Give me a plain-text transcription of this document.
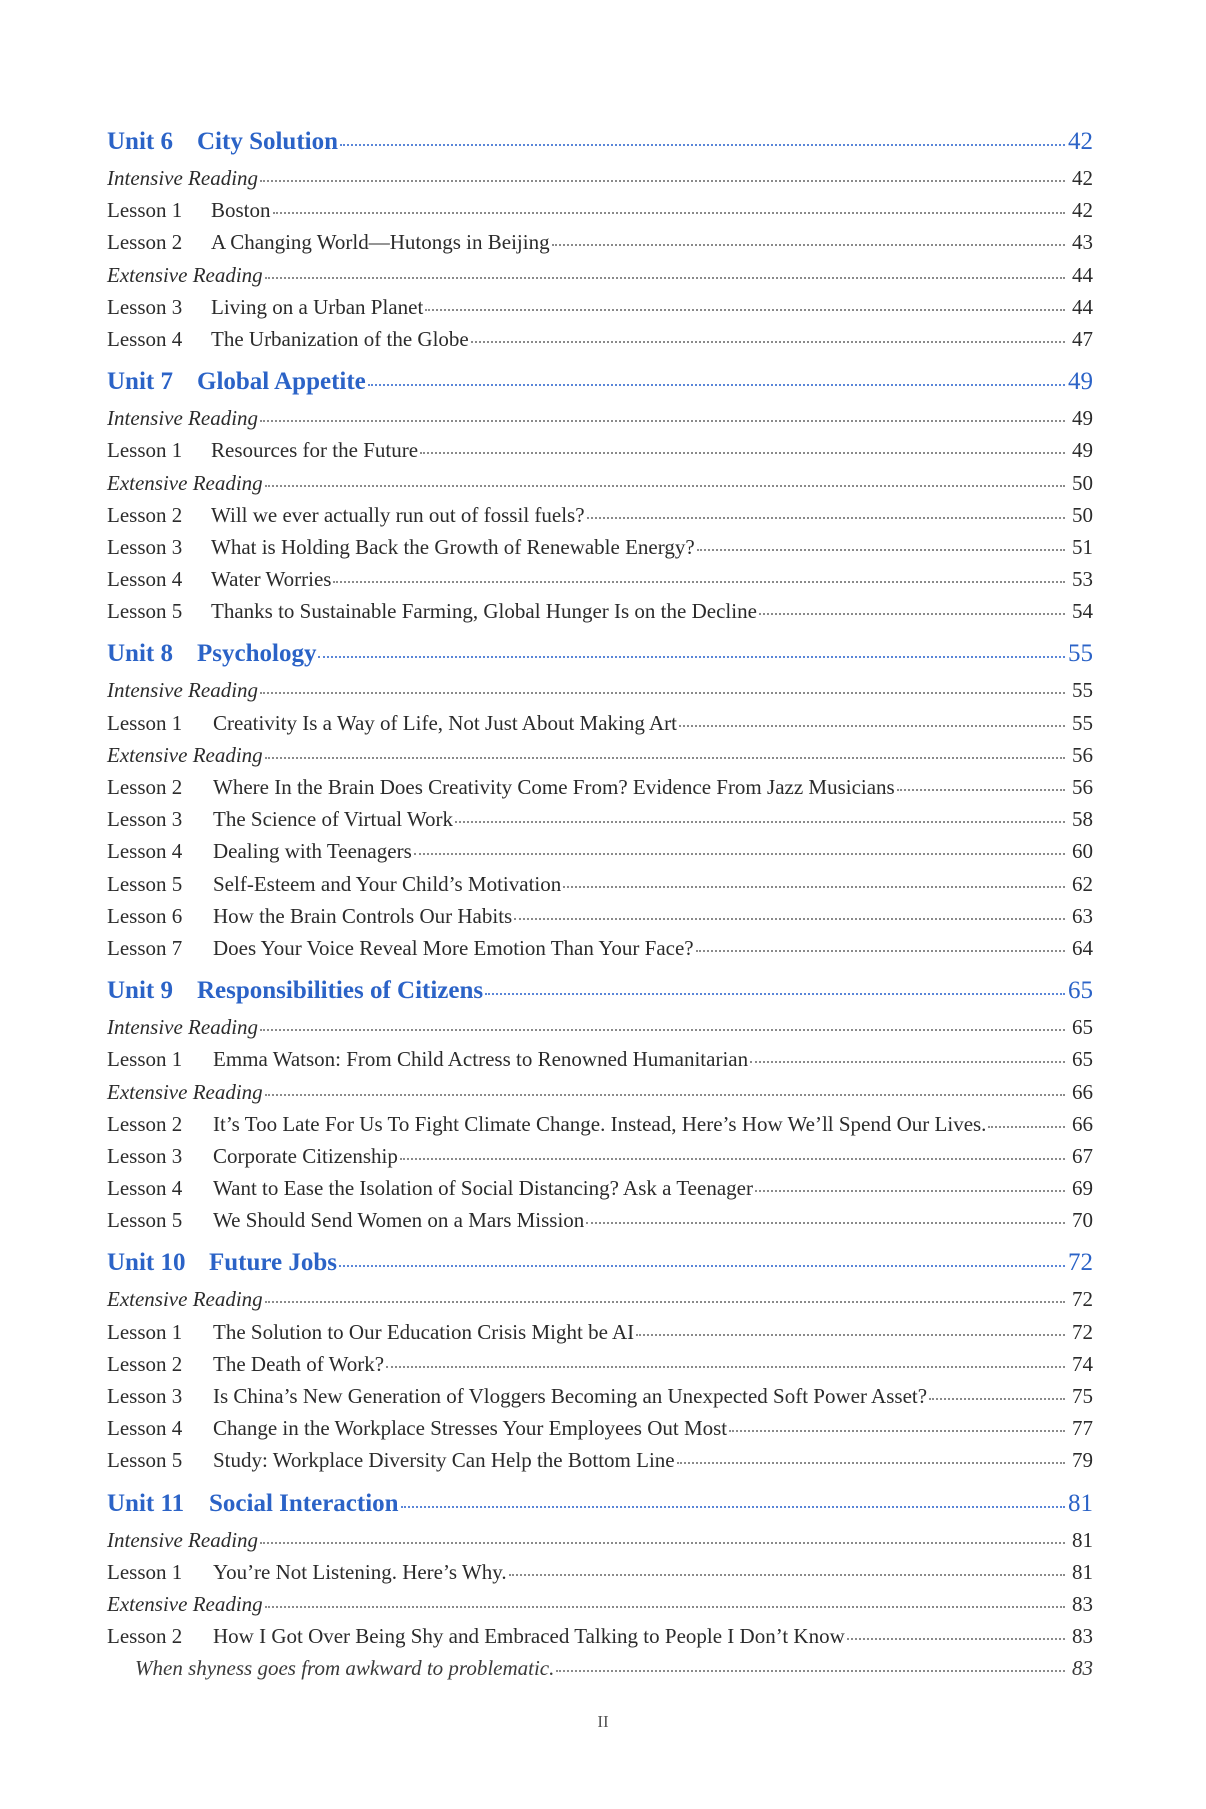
Unit 6 City Solution	42
Intensive Reading	42
Lesson 1	Boston	42
Lesson 2	A Changing World—Hutongs in Beijing	43
Extensive Reading	44
Lesson 3	Living on a Urban Planet	44
Lesson 4	The Urbanization of the Globe	47
Unit 7 Global Appetite	49
Intensive Reading	49
Lesson 1	Resources for the Future	49
Extensive Reading	50
Lesson 2	Will we ever actually run out of fossil fuels?	50
Lesson 3	What is Holding Back the Growth of Renewable Energy?	51
Lesson 4	Water Worries	53
Lesson 5	Thanks to Sustainable Farming, Global Hunger Is on the Decline	54
Unit 8 Psychology	55
Intensive Reading	55
Lesson 1	Creativity Is a Way of Life, Not Just About Making Art	55
Extensive Reading	56
Lesson 2	Where In the Brain Does Creativity Come From? Evidence From Jazz Musicians	56
Lesson 3	The Science of Virtual Work	58
Lesson 4	Dealing with Teenagers	60
Lesson 5	Self-Esteem and Your Child’s Motivation	62
Lesson 6	How the Brain Controls Our Habits	63
Lesson 7	Does Your Voice Reveal More Emotion Than Your Face?	64
Unit 9 Responsibilities of Citizens	65
Intensive Reading	65
Lesson 1	Emma Watson: From Child Actress to Renowned Humanitarian	65
Extensive Reading	66
Lesson 2	It’s Too Late For Us To Fight Climate Change. Instead, Here’s How We’ll Spend Our Lives.	66
Lesson 3	Corporate Citizenship	67
Lesson 4	Want to Ease the Isolation of Social Distancing? Ask a Teenager	69
Lesson 5	We Should Send Women on a Mars Mission	70
Unit 10 Future Jobs	72
Extensive Reading	72
Lesson 1	The Solution to Our Education Crisis Might be AI	72
Lesson 2	The Death of Work?	74
Lesson 3	Is China’s New Generation of Vloggers Becoming an Unexpected Soft Power Asset?	75
Lesson 4	Change in the Workplace Stresses Your Employees Out Most	77
Lesson 5	Study: Workplace Diversity Can Help the Bottom Line	79
Unit 11 Social Interaction	81
Intensive Reading	81
Lesson 1	You’re Not Listening. Here’s Why.	81
Extensive Reading	83
Lesson 2	How I Got Over Being Shy and Embraced Talking to People I Don’t Know	83
When shyness goes from awkward to problematic.	83
II
